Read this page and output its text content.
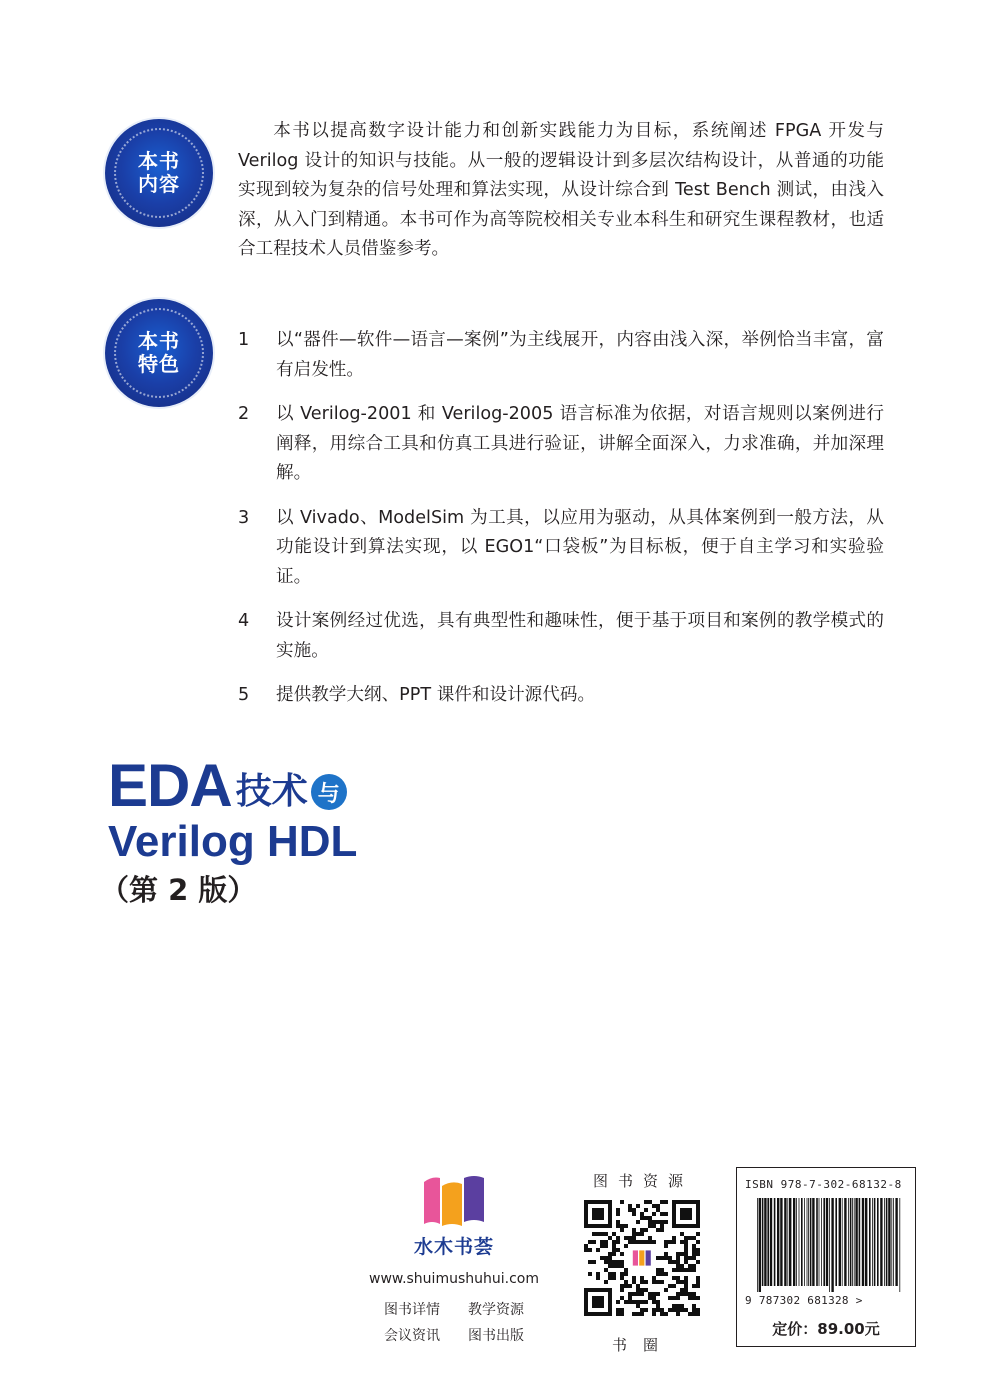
本书
内容

本书以提高数字设计能力和创新实践能力为目标，系统阐述 FPGA 开发与 Verilog 设计的知识与技能。从一般的逻辑设计到多层次结构设计，从普通的功能实现到较为复杂的信号处理和算法实现，从设计综合到 Test Bench 测试，由浅入深，从入门到精通。本书可作为高等院校相关专业本科生和研究生课程教材，也适合工程技术人员借鉴参考。

本书
特色
1	以“器件—软件—语言—案例”为主线展开，内容由浅入深，举例恰当丰富，富有启发性。
2	以 Verilog-2001 和 Verilog-2005 语言标准为依据，对语言规则以案例进行阐释，用综合工具和仿真工具进行验证，讲解全面深入，力求准确，并加深理解。
3	以 Vivado、ModelSim 为工具，以应用为驱动，从具体案例到一般方法，从功能设计到算法实现，以 EGO1“口袋板”为目标板，便于自主学习和实验验证。
4	设计案例经过优选，具有典型性和趣味性，便于基于项目和案例的教学模式的实施。
5	提供教学大纲、PPT 课件和设计源代码。
EDA 技术 与
Verilog HDL
（第 2 版）
水木书荟
www.shuimushuhui.com
图书详情 教学资源
会议资讯 图书出版
图书资源
书圈
ISBN 978-7-302-68132-8
9 787302 681328 >
定价：89.00元
